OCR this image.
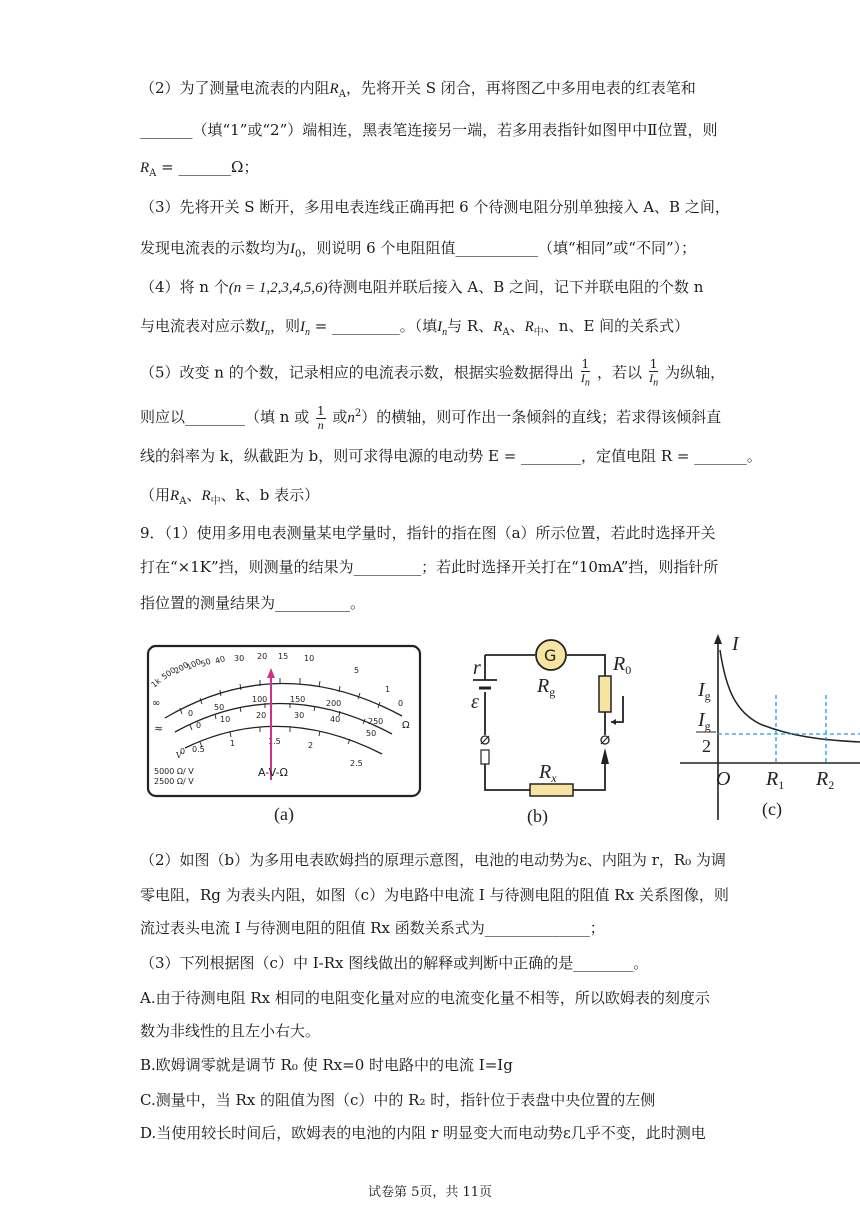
（2）为了测量电流表的内阻$R_A$，先将开关 S 闭合，再将图乙中多用电表的红表笔和
_______（填“1”或“2”）端相连，黑表笔连接另一端，若多用表指针如图甲中Ⅱ位置，则
$R_A$ = _______Ω；
（3）先将开关 S 断开，多用电表连线正确再把 6 个待测电阻分别单独接入 A、B 之间，
发现电流表的示数均为$I_0$，则说明 6 个电阻阻值___________（填“相同”或“不同”）；
（4）将 n 个(n = 1,2,3,4,5,6)待测电阻并联后接入 A、B 之间，记下并联电阻的个数 n
与电流表对应示数$I_n$，则$I_n$ = _________。（填$I_n$与 R、$R_A$、$R_中$、n、E 间的关系式）
（5）改变 n 的个数，记录相应的电流表示数，根据实验数据得出 $\frac{1}{I_n}$ ，若以 $\frac{1}{I_n}$ 为纵轴，
则应以________（填 n 或 $\frac{1}{n}$ 或$n^2$）的横轴，则可作出一条倾斜的直线；若求得该倾斜直
线的斜率为 k，纵截距为 b，则可求得电源的电动势 E = ________，定值电阻 R = _______。
（用$R_A$、$R_中$、k、b 表示）
9．（1）使用多用电表测量某电学量时，指针的指在图（a）所示位置，若此时选择开关
打在“×1K”挡，则测量的结果为_________；若此时选择开关打在“10mA”挡，则指针所
指位置的测量结果为__________。
1k
500
200
100
50 40 30 20 15 10
5
1
0
∞
Ω
0
50
100	150	200
250
0
10	20	30	40
50
0 0.5
1	1.5	2
2.5
≈
V
A-V-Ω
5000 Ω/ V
2500 Ω/ V
(a)
G
r
ε
$R_g$
$R_0$
$R_x$
(b)
I
$I_g$
$I_g$
O $R_1$ $R_2$
2
(c)
（2）如图（b）为多用电表欧姆挡的原理示意图，电池的电动势为ε、内阻为 r，R₀ 为调
零电阻，Rg 为表头内阻，如图（c）为电路中电流 I 与待测电阻的阻值 Rx 关系图像，则
流过表头电流 I 与待测电阻的阻值 Rx 函数关系式为______________；
（3）下列根据图（c）中 I-Rx 图线做出的解释或判断中正确的是________。
A.由于待测电阻 Rx 相同的电阻变化量对应的电流变化量不相等，所以欧姆表的刻度示
数为非线性的且左小右大。
B.欧姆调零就是调节 R₀ 使 Rx=0 时电路中的电流 I=Ig
C.测量中，当 Rx 的阻值为图（c）中的 R₂ 时，指针位于表盘中央位置的左侧
D.当使用较长时间后，欧姆表的电池的内阻 r 明显变大而电动势ε几乎不变，此时测电
试卷第 5页，共 11页
